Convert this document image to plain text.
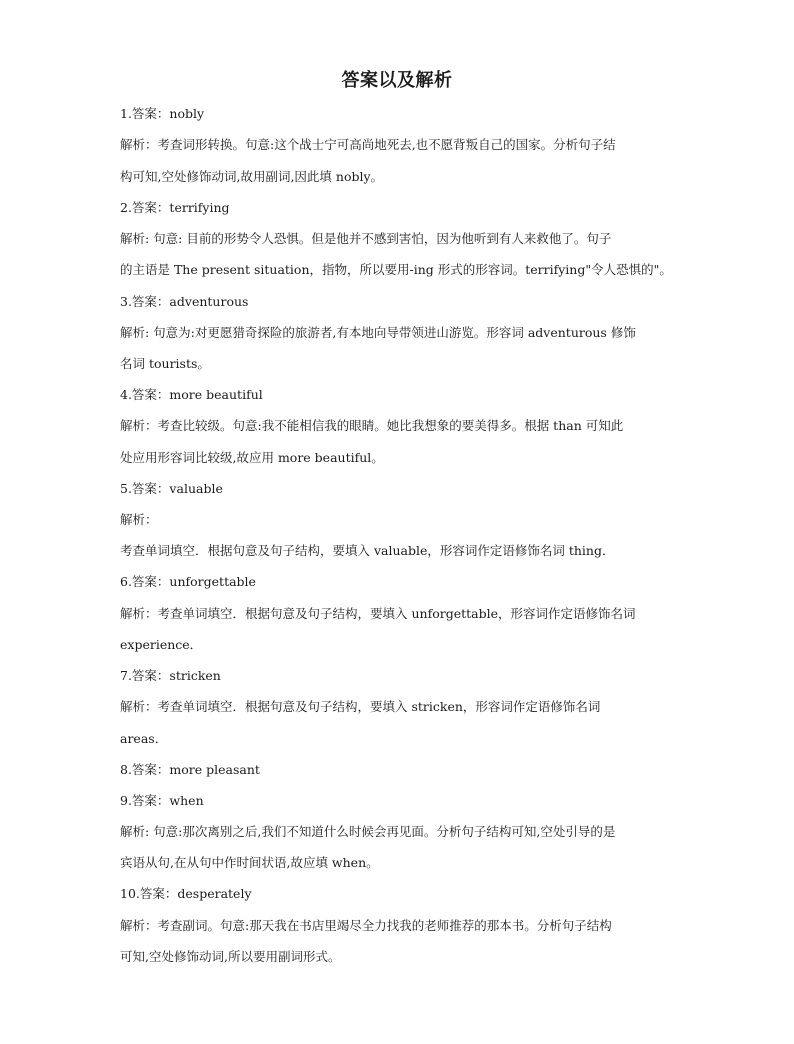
答案以及解析
1.答案：nobly
解析：考查词形转换。句意:这个战士宁可高尚地死去,也不愿背叛自己的国家。分析句子结
构可知,空处修饰动词,故用副词,因此填 nobly。
2.答案：terrifying
解析: 句意: 目前的形势令人恐惧。但是他并不感到害怕，因为他听到有人来救他了。句子
的主语是 The present situation，指物，所以要用-ing 形式的形容词。terrifying"令人恐惧的"。
3.答案：adventurous
解析: 句意为:对更愿猎奇探险的旅游者,有本地向导带领进山游览。形容词 adventurous 修饰
名词 tourists。
4.答案：more beautiful
解析：考查比较级。句意:我不能相信我的眼睛。她比我想象的要美得多。根据 than 可知此
处应用形容词比较级,故应用 more beautiful。
5.答案：valuable
解析：
考查单词填空．根据句意及句子结构，要填入 valuable，形容词作定语修饰名词 thing．
6.答案：unforgettable
解析：考查单词填空．根据句意及句子结构，要填入 unforgettable，形容词作定语修饰名词
experience．
7.答案：stricken
解析：考查单词填空．根据句意及句子结构，要填入 stricken，形容词作定语修饰名词
areas．
8.答案：more pleasant
9.答案：when
解析: 句意:那次离别之后,我们不知道什么时候会再见面。分析句子结构可知,空处引导的是
宾语从句,在从句中作时间状语,故应填 when。
10.答案：desperately
解析：考查副词。句意:那天我在书店里竭尽全力找我的老师推荐的那本书。分析句子结构
可知,空处修饰动词,所以要用副词形式。
